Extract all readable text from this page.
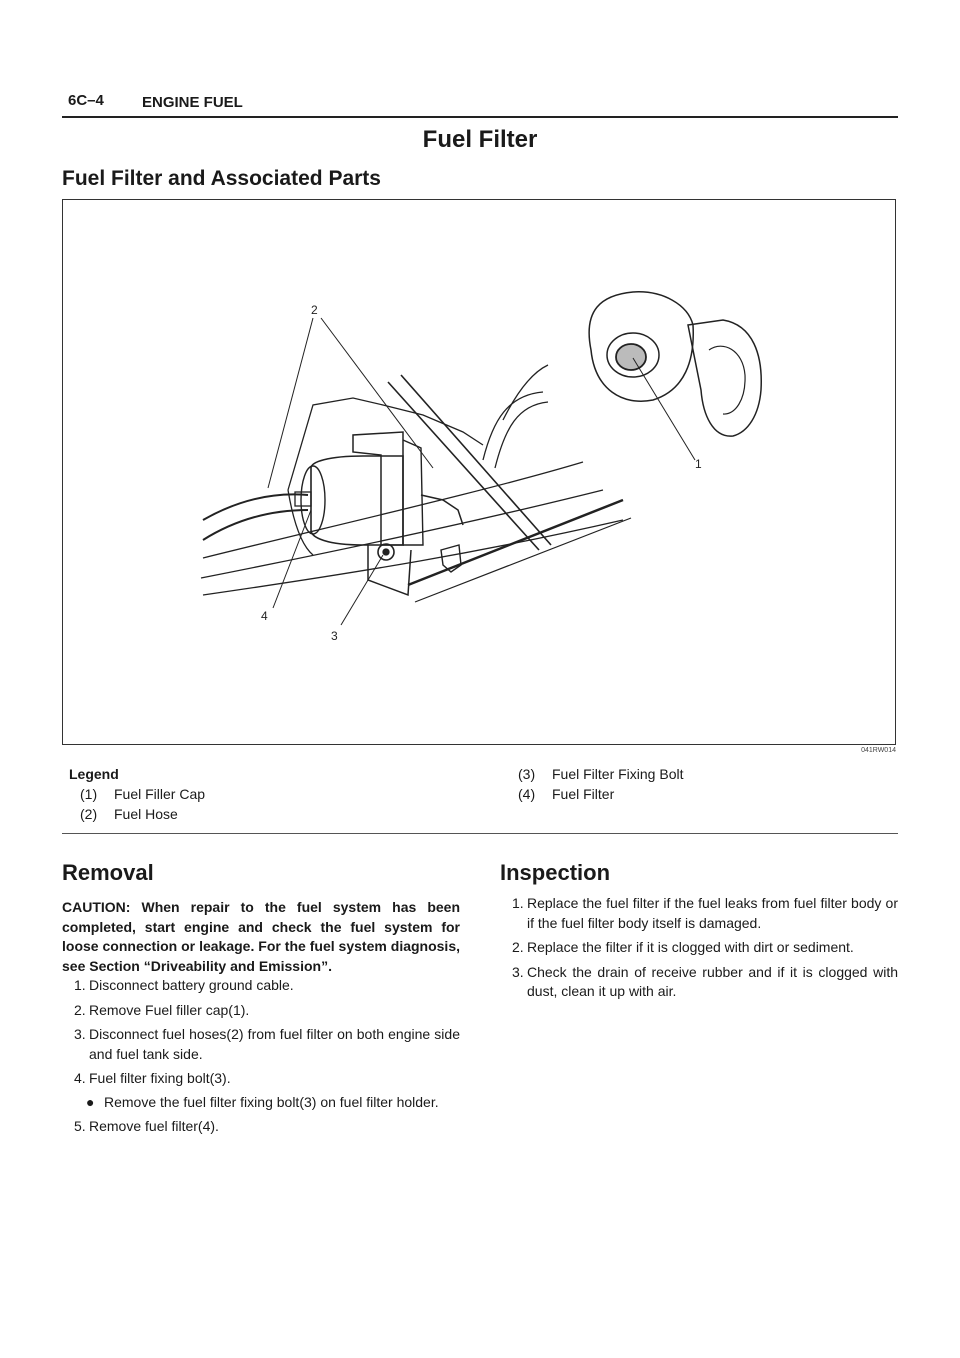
6C–4	ENGINE FUEL
Fuel Filter
Fuel Filter and Associated Parts
2
1
4
3
041RW014
Legend
(1) Fuel Filler Cap
(2) Fuel Hose
(3) Fuel Filter Fixing Bolt
(4) Fuel Filter
Removal
CAUTION: When repair to the fuel system has been completed, start engine and check the fuel system for loose connection or leakage. For the fuel system diagnosis, see Section “Driveability and Emission”.
1. Disconnect battery ground cable.
2. Remove Fuel filler cap(1).
3. Disconnect fuel hoses(2) from fuel filter on both engine side and fuel tank side.
4. Fuel filter fixing bolt(3).
● Remove the fuel filter fixing bolt(3) on fuel filter holder.
5. Remove fuel filter(4).
Inspection
1. Replace the fuel filter if the fuel leaks from fuel filter body or if the fuel filter body itself is damaged.
2. Replace the filter if it is clogged with dirt or sediment.
3. Check the drain of receive rubber and if it is clogged with dust, clean it up with air.
